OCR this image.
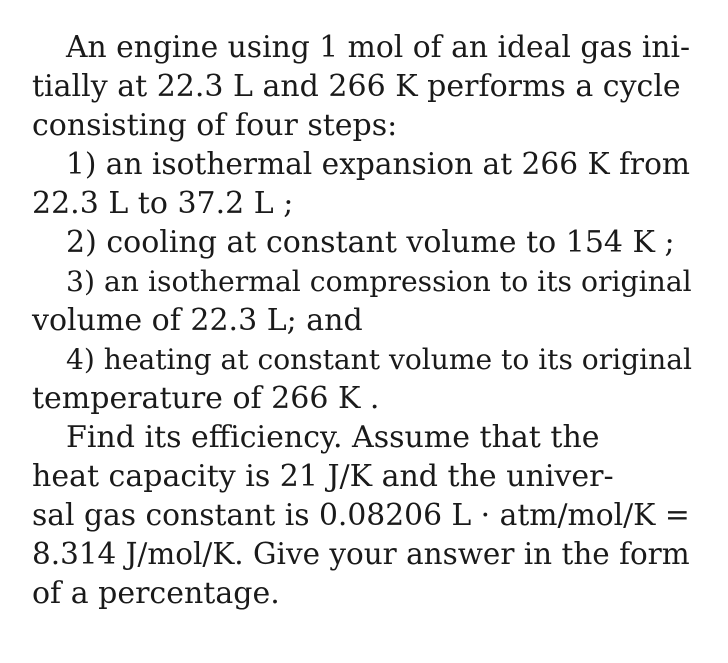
An engine using 1 mol of an ideal gas ini-
tially at 22.3 L and 266 K performs a cycle
consisting of four steps:
1) an isothermal expansion at 266 K from
22.3 L to 37.2 L ;
2) cooling at constant volume to 154 K ;
3) an isothermal compression to its original
volume of 22.3 L; and
4) heating at constant volume to its original
temperature of 266 K .
Find its efficiency. Assume that the
heat capacity is 21 J/K and the univer-
sal gas constant is 0.08206 L · atm/mol/K =
8.314 J/mol/K. Give your answer in the form
of a percentage.
